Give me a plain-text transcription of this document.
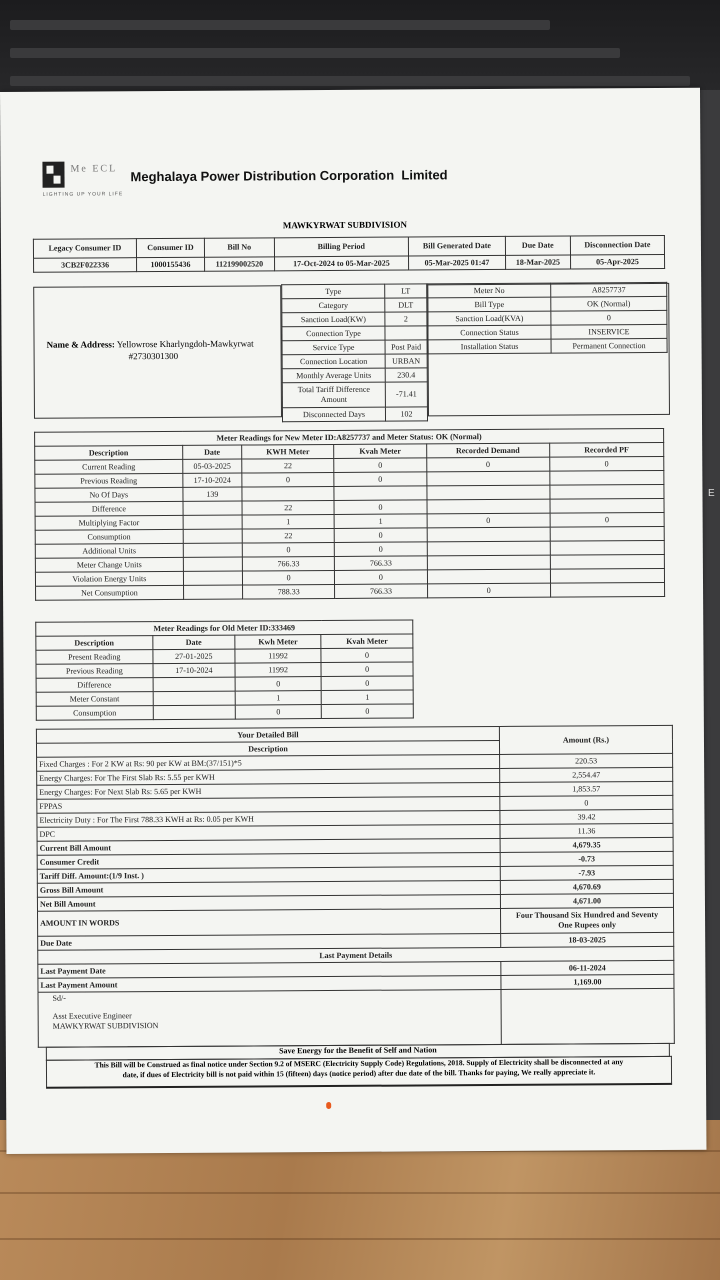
E
Me ECL
LIGHTING UP YOUR LIFE
Meghalaya Power Distribution Corporation  Limited
MAWKYRWAT SUBDIVISION
Legacy Consumer ID	Consumer ID	Bill No	Billing Period	Bill Generated Date	Due Date	Disconnection Date
3CB2F022336	1000155436	112199002520	17-Oct-2024 to 05-Mar-2025	05-Mar-2025 01:47	18-Mar-2025	05-Apr-2025
Name & Address: Yellowrose Kharlyngdoh-Mawkyrwat
#2730301300
Type	LT
Category	DLT
Sanction Load(KW)	2
Connection Type	
Service Type	Post Paid
Connection Location	URBAN
Monthly Average Units	230.4
Total Tariff Difference Amount	-71.41
Disconnected Days	102
Meter No	A8257737
Bill Type	OK (Normal)
Sanction Load(KVA)	0
Connection Status	INSERVICE
Installation Status	Permanent Connection
Meter Readings for New Meter ID:A8257737 and Meter Status: OK (Normal)					
Description	Date	KWH Meter	Kvah Meter	Recorded Demand	Recorded PF
Current Reading	05-03-2025	22	0	0	0
Previous Reading	17-10-2024	0	0		
No Of Days	139				
Difference		22	0		
Multiplying Factor		1	1	0	0
Consumption		22	0		
Additional Units		0	0		
Meter Change Units		766.33	766.33		
Violation Energy Units		0	0		
Net Consumption		788.33	766.33	0	
Meter Readings for Old Meter ID:333469			
Description	Date	Kwh Meter	Kvah Meter
Present Reading	27-01-2025	11992	0
Previous Reading	17-10-2024	11992	0
Difference		0	0
Meter Constant		1	1
Consumption		0	0
Your Detailed Bill	Amount (Rs.)
Description	
Fixed Charges : For 2 KW at Rs: 90 per KW at BM:(37/151)*5	220.53
Energy Charges: For The First Slab Rs: 5.55 per KWH	2,554.47
Energy Charges: For Next Slab Rs: 5.65 per KWH	1,853.57
FPPAS	0
Electricity Duty : For The First 788.33 KWH at Rs: 0.05 per KWH	39.42
DPC	11.36
Current Bill Amount	4,679.35
Consumer Credit	-0.73
Tariff Diff. Amount:(1/9 Inst. )	-7.93
Gross Bill Amount	4,670.69
Net Bill Amount	4,671.00
AMOUNT IN WORDS	Four Thousand Six Hundred and Seventy
One Rupees only

Due Date	18-03-2025
Last Payment Details	
Last Payment Date	06-11-2024
Last Payment Amount	1,169.00

Sd/-
Asst Executive Engineer
MAWKYRWAT SUBDIVISION	

Save Energy for the Benefit of Self and Nation
This Bill will be Construed as final notice under Section 9.2 of MSERC (Electricity Supply Code) Regulations, 2018. Supply of Electricity shall be disconnected at any
date, if dues of Electricity bill is not paid within 15 (fifteen) days (notice period) after due date of the bill. Thanks for paying, We really appreciate it.
